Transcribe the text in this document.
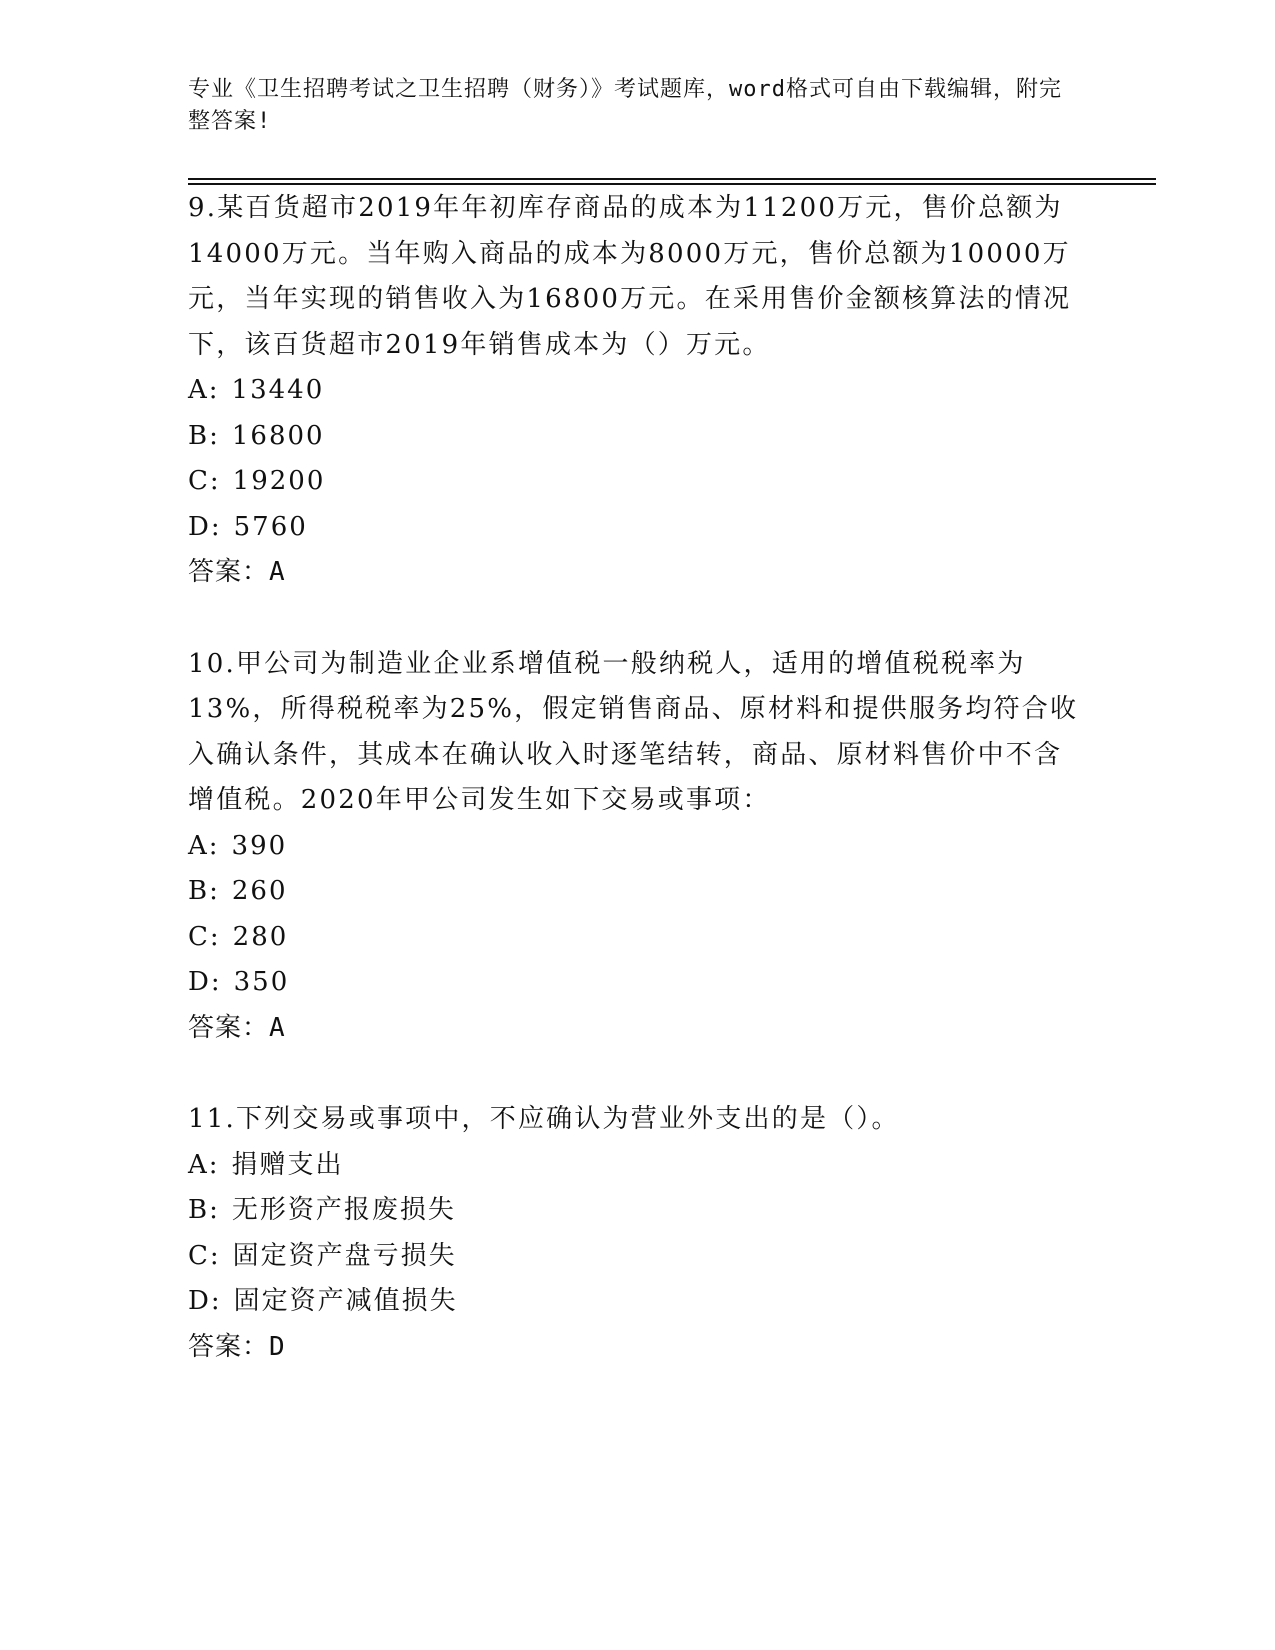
专业《卫生招聘考试之卫生招聘（财务）》考试题库，word格式可自由下载编辑，附完整答案!

9.某百货超市2019年年初库存商品的成本为11200万元，售价总额为14000万元。当年购入商品的成本为8000万元，售价总额为10000万元，当年实现的销售收入为16800万元。在采用售价金额核算法的情况下，该百货超市2019年销售成本为（）万元。

A: 13440

B: 16800

C: 19200

D: 5760

答案：A

10.甲公司为制造业企业系增值税一般纳税人，适用的增值税税率为13%，所得税税率为25%，假定销售商品、原材料和提供服务均符合收入确认条件，其成本在确认收入时逐笔结转，商品、原材料售价中不含增值税。2020年甲公司发生如下交易或事项：

A: 390

B: 260

C: 280

D: 350

答案：A

11.下列交易或事项中，不应确认为营业外支出的是（）。

A: 捐赠支出

B: 无形资产报废损失

C: 固定资产盘亏损失

D: 固定资产减值损失

答案：D
